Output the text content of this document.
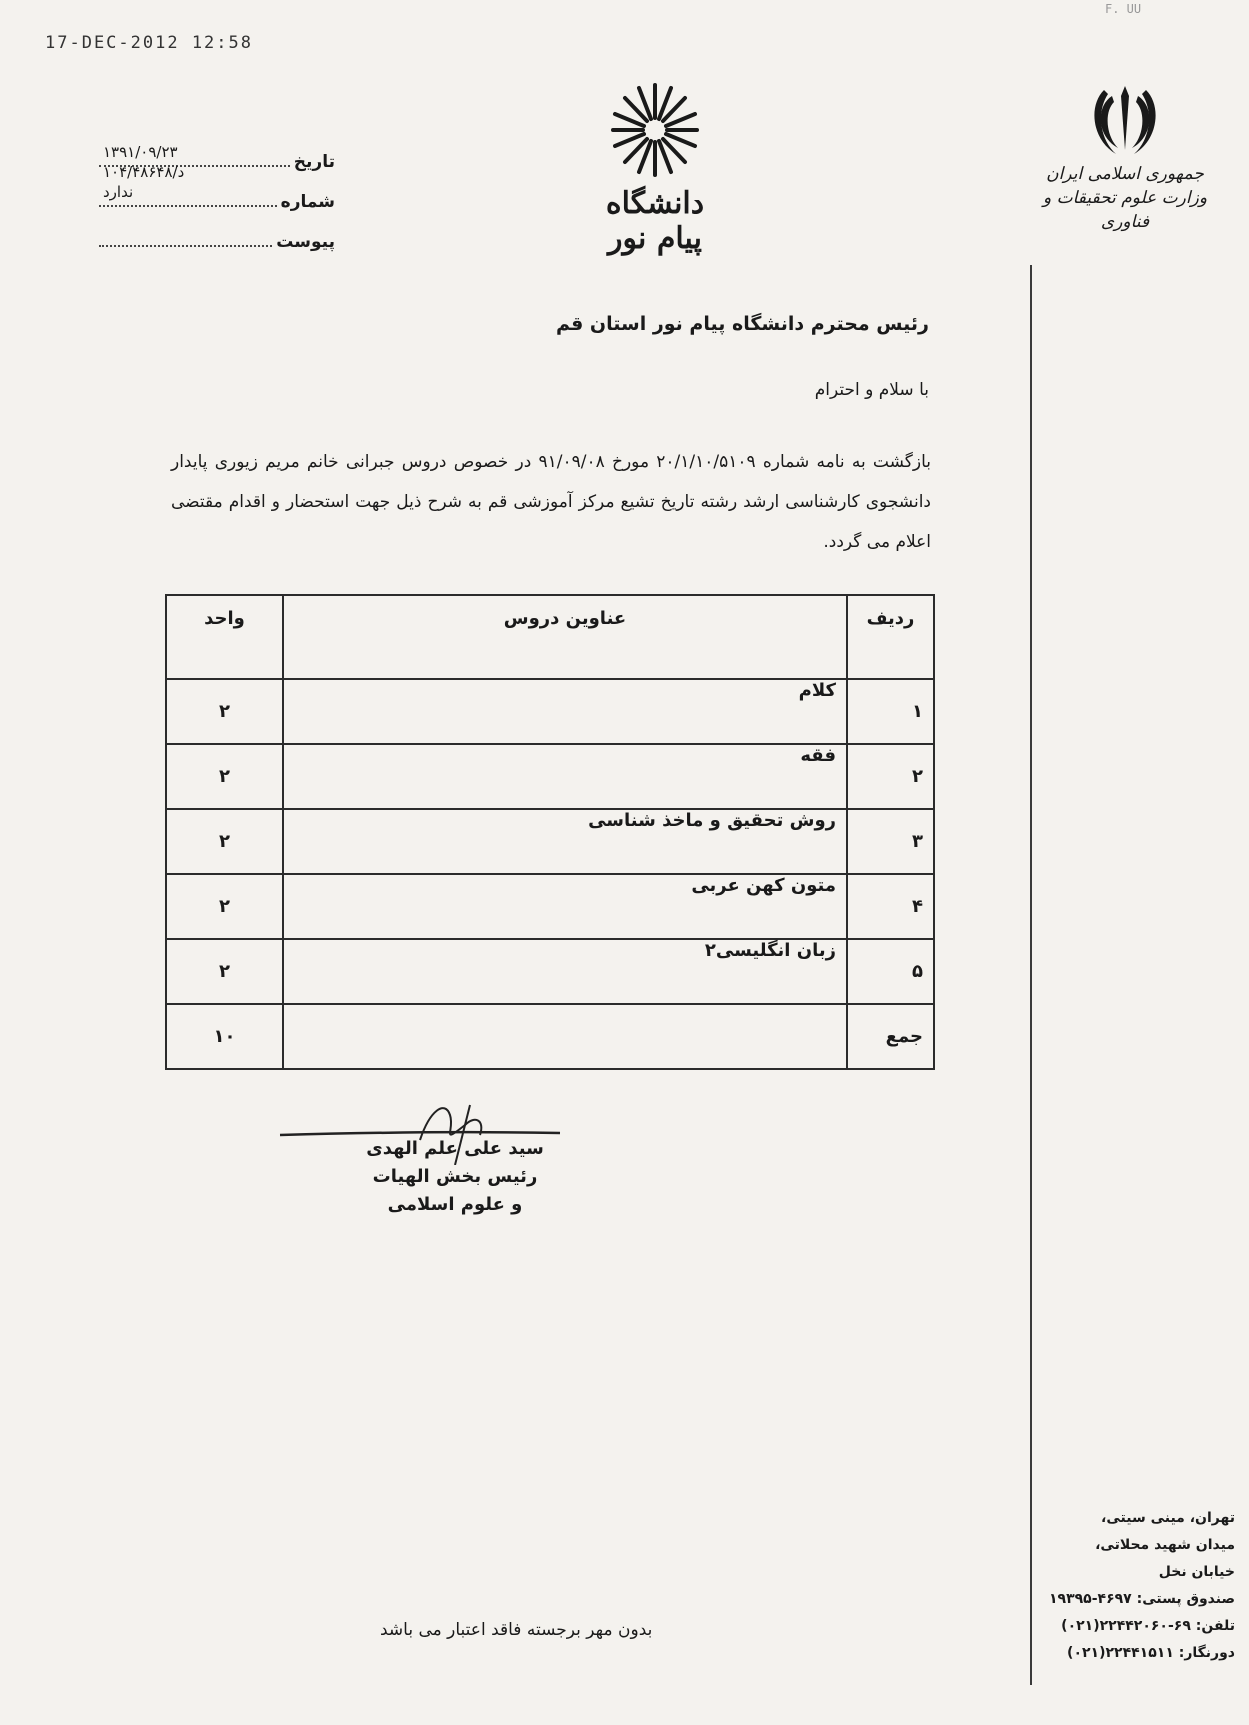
17-DEC-2012 12:58
F. UU
تاریخ
۱۳۹۱/۰۹/۲۳
شماره
۱۰۴/۴۸۶۴۸/د
ندارد
پیوست
دانشگاه پیام نور
جمهوری اسلامی ایران
وزارت علوم تحقیقات و فناوری
رئیس محترم دانشگاه پیام نور استان قم
با سلام و احترام
بازگشت به نامه شماره ۲۰/۱/۱۰/۵۱۰۹ مورخ ۹۱/۰۹/۰۸ در خصوص دروس جبرانی خانم مریم زیوری پایدار دانشجوی کارشناسی ارشد رشته تاریخ تشیع مرکز آموزشی قم به شرح ذیل جهت استحضار و اقدام مقتضی اعلام می گردد.
ردیف	عناوین دروس	واحد
۱	کلام	۲
۲	فقه	۲
۳	روش تحقیق و ماخذ شناسی	۲
۴	متون کهن عربی	۲
۵	زبان انگلیسی۲	۲
جمع		۱۰
سید علی علم الهدی
رئیس بخش الهیات
و علوم اسلامی
بدون مهر برجسته فاقد اعتبار می باشد
تهران، مینی سیتی،
میدان شهید محلاتی،
خیابان نخل
صندوق پستی: ۴۶۹۷-۱۹۳۹۵
تلفن: ۶۹-۲۲۴۴۲۰۶۰(۰۲۱)
دورنگار: ۲۲۴۴۱۵۱۱(۰۲۱)
